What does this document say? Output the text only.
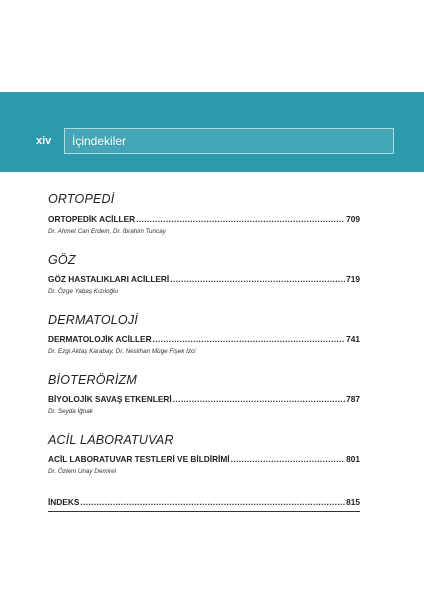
xiv	İçindekiler
ORTOPEDİ
ORTOPEDİK ACİLLER .....	709
Dr. Ahmet Can Erdem, Dr. İbrahim Tuncay
GÖZ
GÖZ HASTALIKLARI ACİLLERİ .....	719
Dr. Özge Yabaş Kızıloğlu
DERMATOLOJİ
DERMATOLOJİK ACİLLER .....	741
Dr. Ezgi Aktaş Karabay, Dr. Neslihan Müge Fişek İzci
BİOTERÖRİZM
BİYOLOJİK SAVAŞ ETKENLERİ .....	787
Dr. Seyda İğnak
ACİL LABORATUVAR
ACİL LABORATUVAR TESTLERİ VE BİLDİRİMİ .....	801
Dr. Özlem Unay Demirel
İNDEKS .....	815
